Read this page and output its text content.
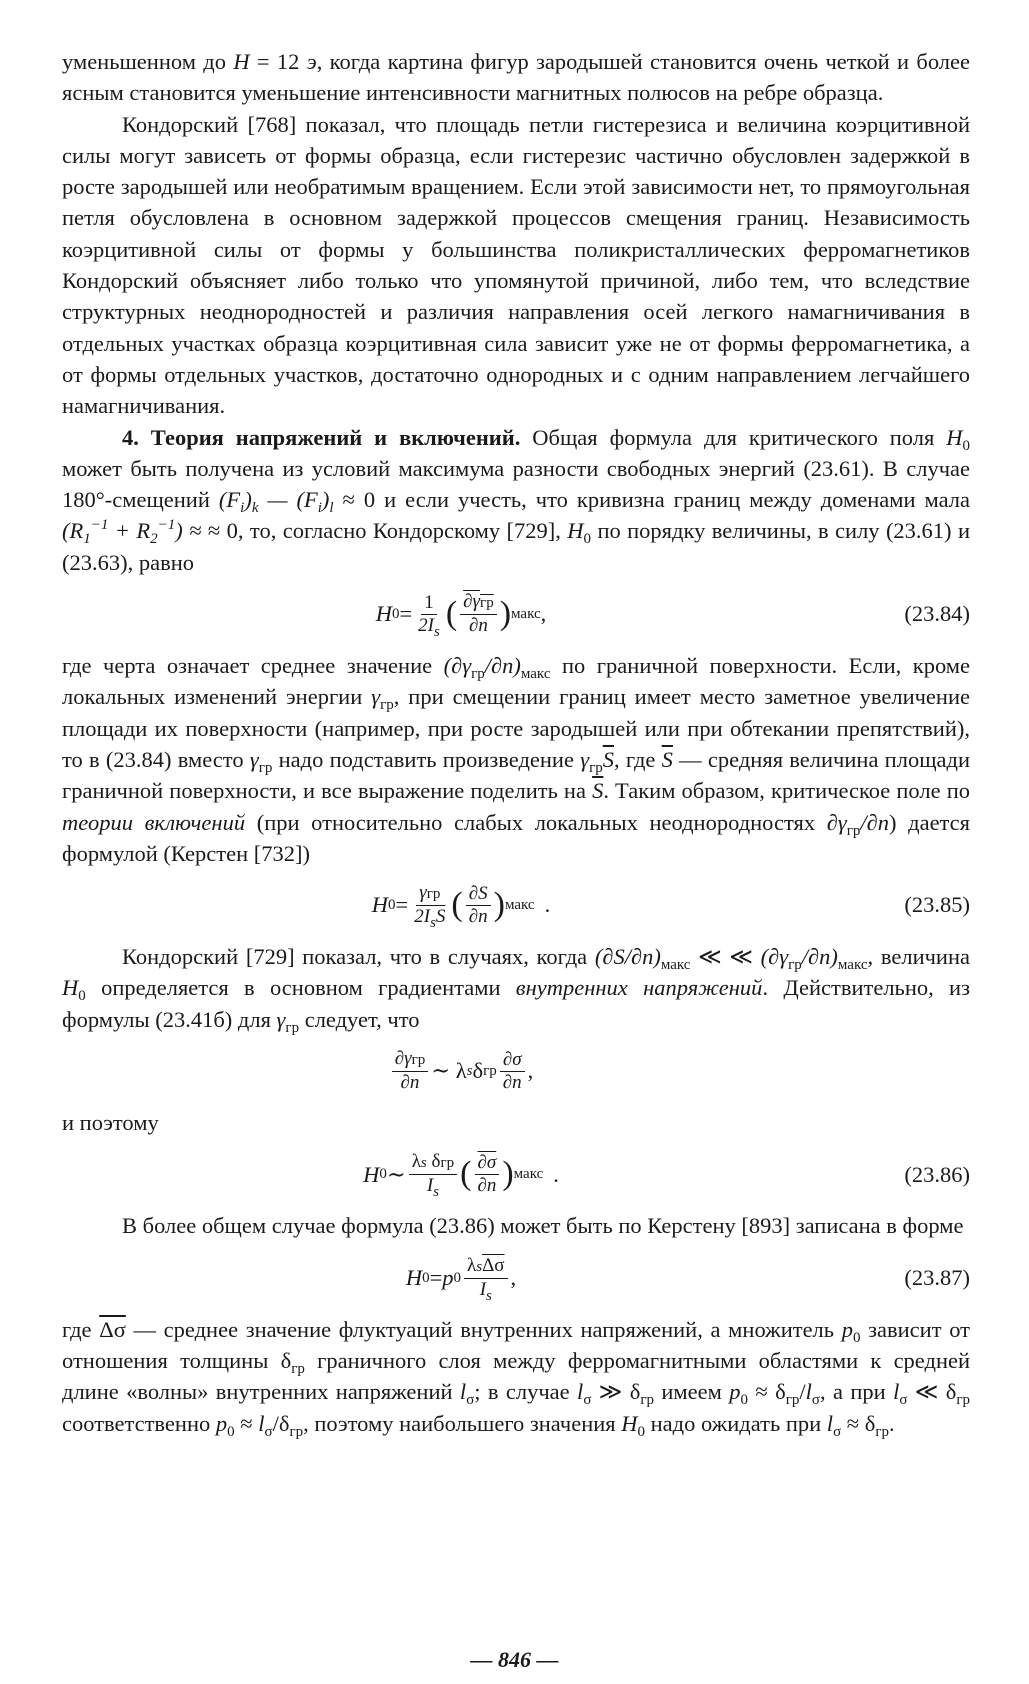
уменьшенном до H = 12 э, когда картина фигур зародышей становится очень четкой и более ясным становится уменьшение интенсивности магнитных полюсов на ребре образца.

Кондорский [768] показал, что площадь петли гистерезиса и величина коэрцитивной силы могут зависеть от формы образца, если гистерезис частично обусловлен задержкой в росте зародышей или необратимым вращением. Если этой зависимости нет, то прямоугольная петля обусловлена в основном задержкой процессов смещения границ. Независимость коэрцитивной силы от формы у большинства поликристаллических ферромагнетиков Кондорский объясняет либо только что упомянутой причиной, либо тем, что вследствие структурных неоднородностей и различия направления осей легкого намагничивания в отдельных участках образца коэрцитивная сила зависит уже не от формы ферромагнетика, а от формы отдельных участков, достаточно однородных и с одним направлением легчайшего намагничивания.

4. Теория напряжений и включений. Общая формула для критического поля $H_0$ может быть получена из условий максимума разности свободных энергий (23.61). В случае 180°-смещений $(F_i)_k$ — $(F_i)_l \approx 0$ и если учесть, что кривизна границ между доменами мала $(R_1^{-1} + R_2^{-1})$ ≈ ≈ 0, то, согласно Кондорскому [729], $H_0$ по порядку величины, в силу (23.61) и (23.63), равно

H $0 = \frac{1}{2I_s}$ ( $\frac{\text{∂γгр}}{\partial n}$ ) макс ,	(23.84)

где черта означает среднее значение $(\partial\gamma_{гр}/\partial n)_{макс}$ по граничной поверхности. Если, кроме локальных изменений энергии $\gamma_{гр}$, при смещении границ имеет место заметное увеличение площади их поверхности (например, при росте зародышей или при обтекании препятствий), то в (23.84) вместо $\gamma_{гр}$ надо подставить произведение $\gamma_{гр}\overline{S}$, где $\overline{S}$ — средняя величина площади граничной поверхности, и все выражение поделить на $\overline{S}$. Таким образом, критическое поле по теории включений (при относительно слабых локальных неоднородностях $\partial\gamma_{гр}/\partial n$) дается формулой (Керстен [732])

H $0 = \frac{\text{γгр}}{2I_s\overline{S}}$ ( $\frac{\partial S}{\partial n}$ ) макс .	(23.85)

Кондорский [729] показал, что в случаях, когда $(\partial S/\partial n)_{макс}$ ≪ ≪ $(\partial\gamma_{гр}/\partial n)_{макс}$, величина $H_0$ определяется в основном градиентами внутренних напряжений. Действительно, из формулы (23.41б) для $\gamma_{гр}$ следует, что

$\frac{\text{∂γгр}}{\partial n}$ ∼ λ s δ гр $\frac{\partial\sigma}{\partial n}$ ,

и поэтому

H 0 ∼ $\frac{\text{λs δгр}}{I_s}$ ( $\frac{\partial\sigma}{\partial n}$ ) макс .	(23.86)

В более общем случае формула (23.86) может быть по Керстену [893] записана в форме

H 0 = p $0 \frac{\lambda s\overline{\Delta\sigma}}{I_s}$ ,	(23.87)

где $\overline{\Delta\sigma}$ — среднее значение флуктуаций внутренних напряжений, а множитель $p_0$ зависит от отношения толщины $\delta_{гр}$ граничного слоя между ферромагнитными областями к средней длине «волны» внутренних напряжений $l_\sigma$; в случае $l_\sigma$ ≫ $\delta_{гр}$ имеем $p_0 \approx \delta_{гр}/l_\sigma$, а при $l_\sigma$ ≪ $\delta_{гр}$ соответственно $p_0 \approx l_\sigma/\delta_{гр}$, поэтому наибольшего значения $H_0$ надо ожидать при $l_\sigma \approx \delta_{гр}$.

— 846 —
